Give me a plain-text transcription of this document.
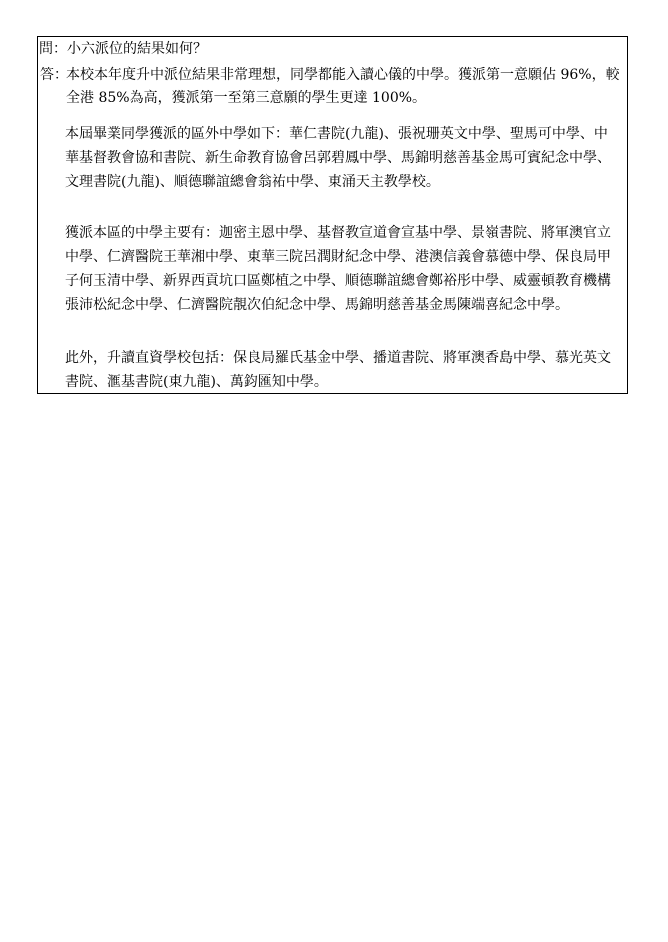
問：小六派位的結果如何？
答：
本校本年度升中派位結果非常理想，同學都能入讀心儀的中學。獲派第一意願佔 96%，較全港 85%為高，獲派第一至第三意願的學生更達 100%。
本屆畢業同學獲派的區外中學如下：華仁書院(九龍)、張祝珊英文中學、聖馬可中學、中華基督教會協和書院、新生命教育協會呂郭碧鳳中學、馬錦明慈善基金馬可賓紀念中學、文理書院(九龍)、順德聯誼總會翁祐中學、東涌天主教學校。
獲派本區的中學主要有：迦密主恩中學、基督教宣道會宣基中學、景嶺書院、將軍澳官立中學、仁濟醫院王華湘中學、東華三院呂潤財紀念中學、港澳信義會慕德中學、保良局甲子何玉清中學、新界西貢坑口區鄭植之中學、順德聯誼總會鄭裕彤中學、威靈頓教育機構張沛松紀念中學、仁濟醫院靚次伯紀念中學、馬錦明慈善基金馬陳端喜紀念中學。
此外，升讀直資學校包括：保良局羅氏基金中學、播道書院、將軍澳香島中學、慕光英文書院、滙基書院(東九龍)、萬鈞匯知中學。
